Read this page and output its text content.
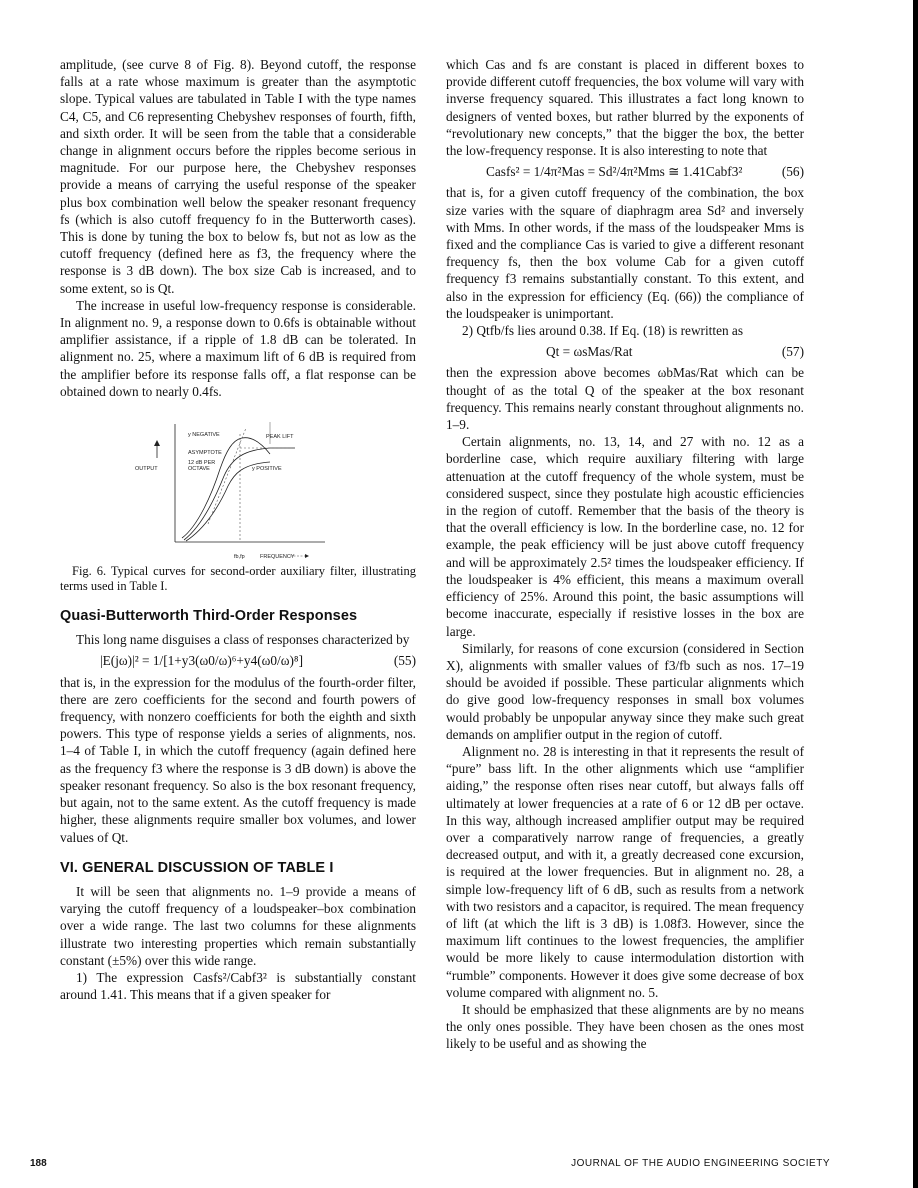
amplitude, (see curve 8 of Fig. 8). Beyond cutoff, the response falls at a rate whose maximum is greater than the asymptotic slope. Typical values are tabulated in Table I with the type names C4, C5, and C6 representing Chebyshev responses of fourth, fifth, and sixth order. It will be seen from the table that a considerable change in alignment occurs before the ripples become serious in magnitude. For our purpose here, the Chebyshev responses provide a means of carrying the useful response of the speaker plus box combination well below the speaker resonant frequency fs (which is also cutoff frequency fo in the Butterworth cases). This is done by tuning the box to below fs, but not as low as the cutoff frequency (defined here as f3, the frequency where the response is 3 dB down). The box size Cab is increased, and to some extent, so is Qt.

The increase in useful low-frequency response is considerable. In alignment no. 9, a response down to 0.6fs is obtainable without amplifier assistance, if a ripple of 1.8 dB can be tolerated. In alignment no. 25, where a maximum lift of 6 dB is required from the amplifier before its response falls off, a flat response can be obtained down to nearly 0.4fs.

y NEGATIVE	PEAK LIFT
ASYMPTOTE
12 dB PER
OCTAVE	y POSITIVE
OUTPUT
fb,fp	FREQUENCY

Fig. 6. Typical curves for second-order auxiliary filter, illustrating terms used in Table I.

Quasi-Butterworth Third-Order Responses

This long name disguises a class of responses characterized by

|E(jω)|² = 1/[1+y3(ω0/ω)⁶+y4(ω0/ω)⁸]	(55)

that is, in the expression for the modulus of the fourth-order filter, there are zero coefficients for the second and fourth powers of frequency, with nonzero coefficients for both the eighth and sixth powers. This type of response yields a series of alignments, nos. 1–4 of Table I, in which the cutoff frequency (again defined here as the frequency f3 where the response is 3 dB down) is above the speaker resonant frequency. So also is the box resonant frequency, but again, not to the same extent. As the cutoff frequency is made higher, these alignments require smaller box volumes, and lower values of Qt.

VI. GENERAL DISCUSSION OF TABLE I

It will be seen that alignments no. 1–9 provide a means of varying the cutoff frequency of a loudspeaker–box combination over a wide range. The last two columns for these alignments illustrate two interesting properties which remain substantially constant (±5%) over this wide range.

1) The expression Casfs²/Cabf3² is substantially constant around 1.41. This means that if a given speaker for

which Cas and fs are constant is placed in different boxes to provide different cutoff frequencies, the box volume will vary with inverse frequency squared. This illustrates a fact long known to designers of vented boxes, but rather blurred by the exponents of “revolutionary new concepts,” that the bigger the box, the better the low-frequency response. It is also interesting to note that

Casfs² = 1/4π²Mas = Sd²/4π²Mms ≅ 1.41Cabf3²	(56)

that is, for a given cutoff frequency of the combination, the box size varies with the square of diaphragm area Sd² and inversely with Mms. In other words, if the mass of the loudspeaker Mms is fixed and the compliance Cas is varied to give a different resonant frequency fs, then the box volume Cab for a given cutoff frequency f3 remains substantially constant. To this extent, and also in the expression for efficiency (Eq. (66)) the compliance of the loudspeaker is unimportant.

2) Qtfb/fs lies around 0.38. If Eq. (18) is rewritten as

Qt = ωsMas/Rat	(57)

then the expression above becomes ωbMas/Rat which can be thought of as the total Q of the speaker at the box resonant frequency. This remains nearly constant throughout alignments no. 1–9.

Certain alignments, no. 13, 14, and 27 with no. 12 as a borderline case, which require auxiliary filtering with large attenuation at the cutoff frequency of the whole system, must be considered suspect, since they postulate high acoustic efficiencies in the region of cutoff. Remember that the basis of the theory is that the overall efficiency is low. In the borderline case, no. 12 for example, the peak efficiency will be just above cutoff frequency and will be approximately 2.5² times the loudspeaker efficiency. If the loudspeaker is 4% efficient, this means a maximum overall efficiency of 25%. Around this point, the basic assumptions will become inaccurate, especially if resistive losses in the box are large.

Similarly, for reasons of cone excursion (considered in Section X), alignments with smaller values of f3/fb such as nos. 17–19 should be avoided if possible. These particular alignments which do give good low-frequency responses in small box volumes would probably be unpopular anyway since they make such great demands on amplifier output in the region of cutoff.

Alignment no. 28 is interesting in that it represents the result of “pure” bass lift. In the other alignments which use “amplifier aiding,” the response often rises near cutoff, but always falls off ultimately at lower frequencies at a rate of 6 or 12 dB per octave. In this way, although increased amplifier output may be required over a comparatively narrow range of frequencies, a greatly decreased output, and with it, a greatly decreased cone excursion, is required at the lower frequencies. But in alignment no. 28, a simple low-frequency lift of 6 dB, such as results from a network with two resistors and a capacitor, is required. The mean frequency of lift (at which the lift is 3 dB) is 1.08f3. However, since the maximum lift continues to the lowest frequencies, the amplifier would be more likely to cause intermodulation distortion with “rumble” components. However it does give some decrease of box volume compared with alignment no. 5.

It should be emphasized that these alignments are by no means the only ones possible. They have been chosen as the ones most likely to be useful and as showing the

188	JOURNAL OF THE AUDIO ENGINEERING SOCIETY
